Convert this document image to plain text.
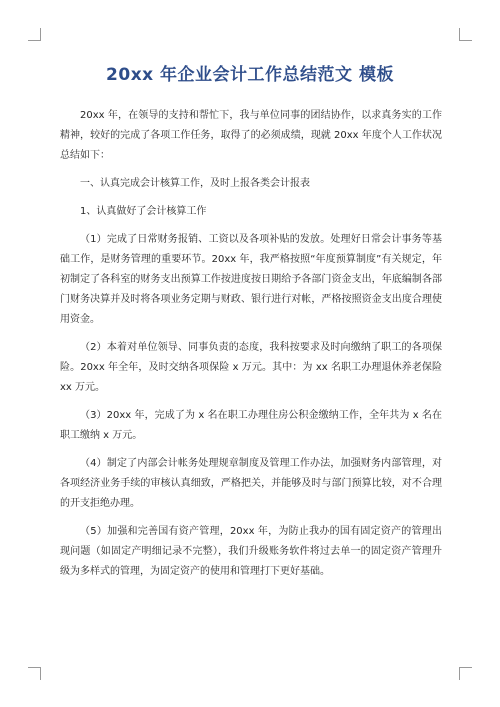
20xx 年企业会计工作总结范文 模板

20xx 年，在领导的支持和帮忙下，我与单位同事的团结协作，以求真务实的工作精神，较好的完成了各项工作任务，取得了的必须成绩，现就 20xx 年度个人工作状况总结如下：

一、认真完成会计核算工作，及时上报各类会计报表

1、认真做好了会计核算工作

（1）完成了日常财务报销、工资以及各项补贴的发放。处理好日常会计事务等基础工作，是财务管理的重要环节。20xx 年，我严格按照“年度预算制度”有关规定，年初制定了各科室的财务支出预算工作按进度按日期给予各部门资金支出，年底编制各部门财务决算并及时将各项业务定期与财政、银行进行对帐，严格按照资金支出度合理使用资金。

（2）本着对单位领导、同事负责的态度，我科按要求及时向缴纳了职工的各项保险。20xx 年全年，及时交纳各项保险 x 万元。其中：为 xx 名职工办理退休养老保险 xx 万元。

（3）20xx 年，完成了为 x 名在职工办理住房公积金缴纳工作，全年共为 x 名在职工缴纳 x 万元。

（4）制定了内部会计帐务处理规章制度及管理工作办法，加强财务内部管理，对各项经济业务手续的审核认真细致，严格把关，并能够及时与部门预算比较，对不合理的开支拒绝办理。

（5）加强和完善国有资产管理，20xx 年，为防止我办的国有固定资产的管理出现问题（如固定产明细记录不完整），我们升级账务软件将过去单一的固定资产管理升级为多样式的管理，为固定资产的使用和管理打下更好基础。
